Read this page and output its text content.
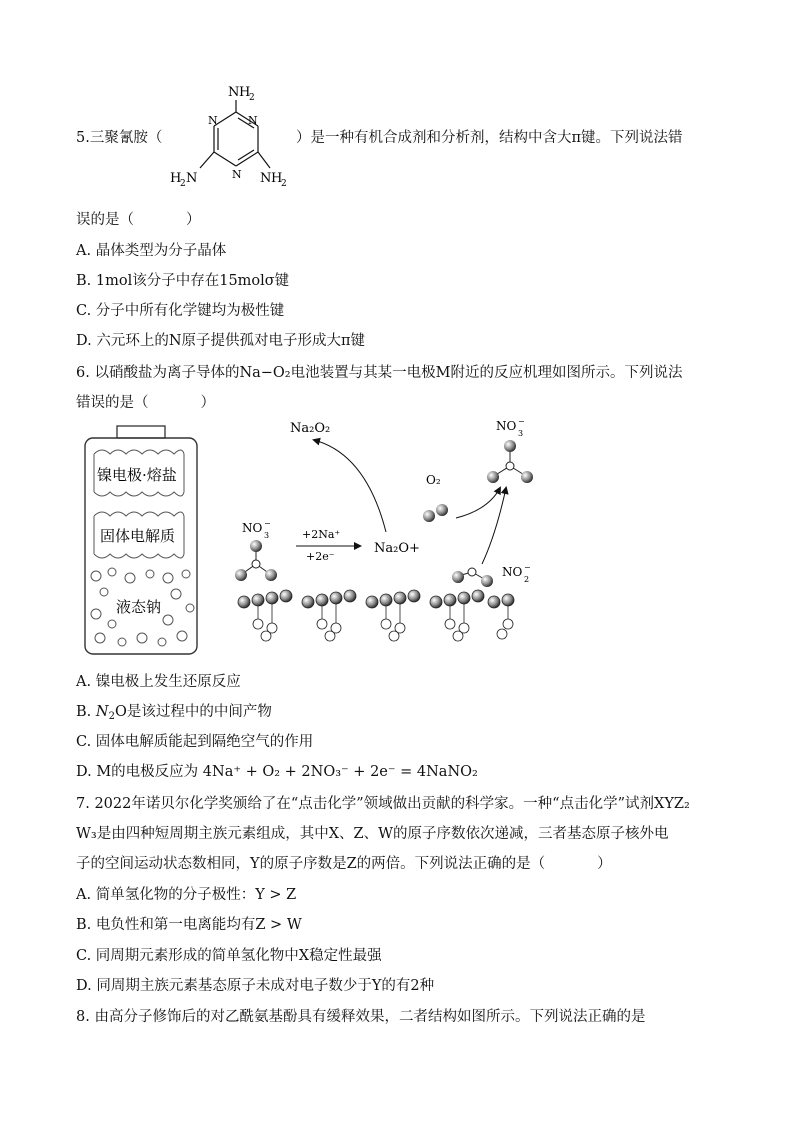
5.三聚氰胺（
N
N
N
N H
2
H
2 N	N H
2
）是一种有机合成剂和分析剂，结构中含大π键。下列说法错
误的是（	）
A. 晶体类型为分子晶体
B. 1mol该分子中存在15molσ键
C. 分子中所有化学键均为极性键
D. 六元环上的N原子提供孤对电子形成大π键
6. 以硝酸盐为离子导体的Na−O₂电池装置与其某一电极M附近的反应机理如图所示。下列说法
错误的是（	）
镍电极·熔盐
固体电解质
液态钠
Na₂O₂	NO
3
−
O₂
NO
3
−
+2Na⁺
+2e⁻
Na₂O+
NO
2
−
A. 镍电极上发生还原反应
B. $N_2O$是该过程中的中间产物
C. 固体电解质能起到隔绝空气的作用
D. M的电极反应为 4Na⁺ + O₂ + 2NO₃⁻ + 2e⁻ = 4NaNO₂
7. 2022年诺贝尔化学奖颁给了在“点击化学”领域做出贡献的科学家。一种“点击化学”试剂XYZ₂
W₃是由四种短周期主族元素组成，其中X、Z、W的原子序数依次递减，三者基态原子核外电
子的空间运动状态数相同，Y的原子序数是Z的两倍。下列说法正确的是（	）
A. 简单氢化物的分子极性：Y > Z
B. 电负性和第一电离能均有Z > W
C. 同周期元素形成的简单氢化物中X稳定性最强
D. 同周期主族元素基态原子未成对电子数少于Y的有2种
8. 由高分子修饰后的对乙酰氨基酚具有缓释效果，二者结构如图所示。下列说法正确的是
